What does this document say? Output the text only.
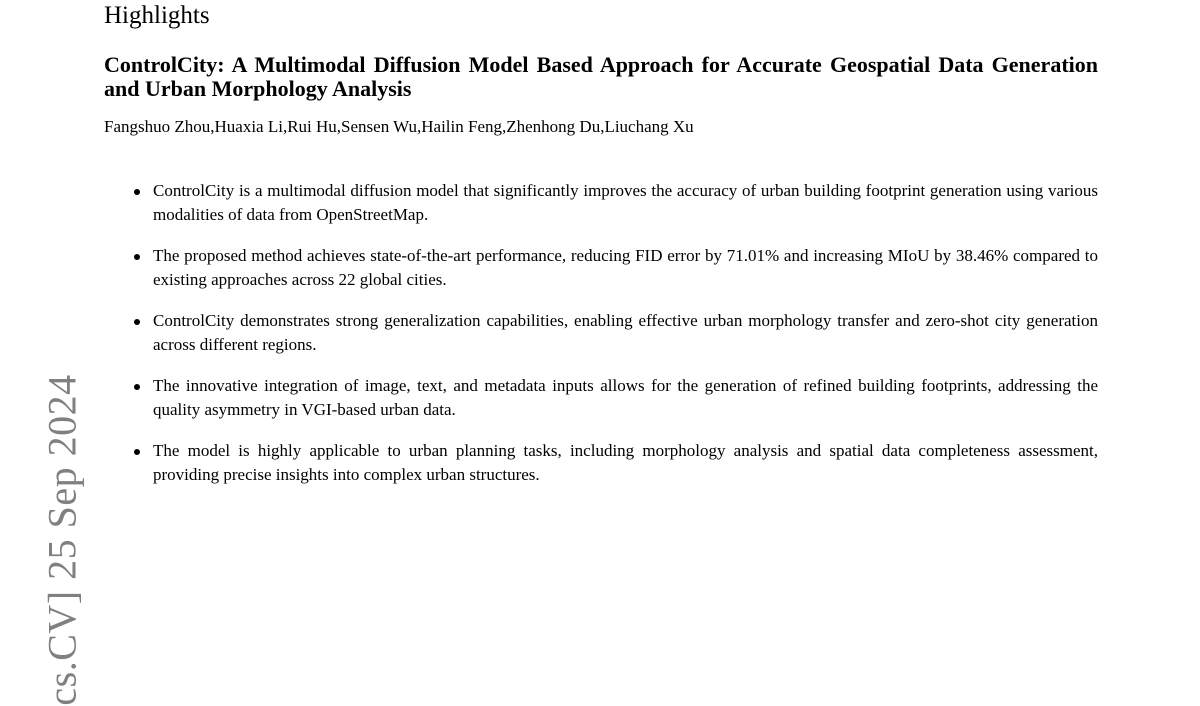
cs.CV] 25 Sep 2024
Highlights
ControlCity: A Multimodal Diffusion Model Based Approach for Accurate Geospatial Data Generation and Urban Morphology Analysis

Fangshuo Zhou,Huaxia Li,Rui Hu,Sensen Wu,Hailin Feng,Zhenhong Du,Liuchang Xu

ControlCity is a multimodal diffusion model that significantly improves the accuracy of urban building footprint generation using various modalities of data from OpenStreetMap.
The proposed method achieves state-of-the-art performance, reducing FID error by 71.01% and increasing MIoU by 38.46% compared to existing approaches across 22 global cities.
ControlCity demonstrates strong generalization capabilities, enabling effective urban morphology transfer and zero-shot city generation across different regions.
The innovative integration of image, text, and metadata inputs allows for the generation of refined building footprints, addressing the quality asymmetry in VGI-based urban data.
The model is highly applicable to urban planning tasks, including morphology analysis and spatial data completeness assessment, providing precise insights into complex urban structures.
